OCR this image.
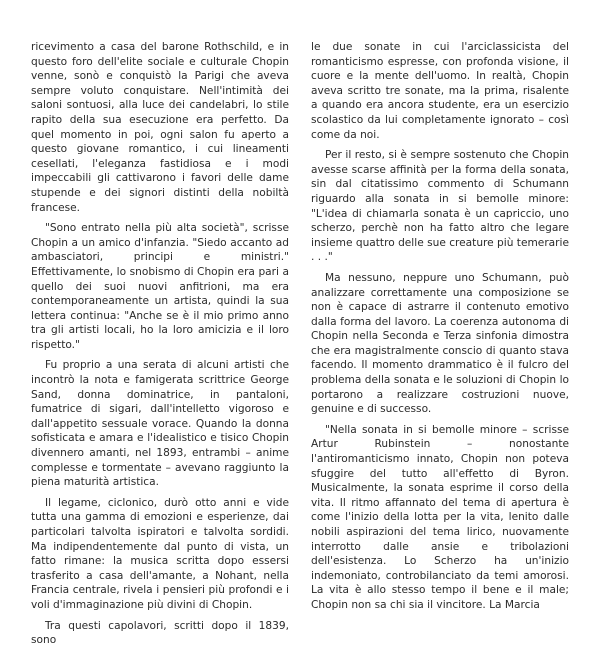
ricevimento a casa del barone Rothschild, e in questo foro dell'elite sociale e culturale Chopin venne, sonò e conquistò la Parigi che aveva sempre voluto conquistare. Nell'intimità dei saloni sontuosi, alla luce dei candelabri, lo stile rapito della sua esecuzione era perfetto. Da quel momento in poi, ogni salon fu aperto a questo giovane romantico, i cui lineamenti cesellati, l'eleganza fastidiosa e i modi impeccabili gli cattivarono i favori delle dame stupende e dei signori distinti della nobiltà francese.

"Sono entrato nella più alta società", scrisse Chopin a un amico d'infanzia. "Siedo accanto ad ambasciatori, principi e ministri." Effettivamente, lo snobismo di Chopin era pari a quello dei suoi nuovi anfitrioni, ma era contemporaneamente un artista, quindi la sua lettera continua: "Anche se è il mio primo anno tra gli artisti locali, ho la loro amicizia e il loro rispetto."

Fu proprio a una serata di alcuni artisti che incontrò la nota e famigerata scrittrice George Sand, donna dominatrice, in pantaloni, fumatrice di sigari, dall'intelletto vigoroso e dall'appetito sessuale vorace. Quando la donna sofisticata e amara e l'idealistico e tisico Chopin divennero amanti, nel 1893, entrambi – anime complesse e tormentate – avevano raggiunto la piena maturità artistica.

Il legame, ciclonico, durò otto anni e vide tutta una gamma di emozioni e esperienze, dai particolari talvolta ispiratori e talvolta sordidi. Ma indipendentemente dal punto di vista, un fatto rimane: la musica scritta dopo essersi trasferito a casa dell'amante, a Nohant, nella Francia centrale, rivela i pensieri più profondi e i voli d'immaginazione più divini di Chopin.

Tra questi capolavori, scritti dopo il 1839, sono

le due sonate in cui l'arciclassicista del romanticismo espresse, con profonda visione, il cuore e la mente dell'uomo. In realtà, Chopin aveva scritto tre sonate, ma la prima, risalente a quando era ancora studente, era un esercizio scolastico da lui completamente ignorato – così come da noi.

Per il resto, si è sempre sostenuto che Chopin avesse scarse affinità per la forma della sonata, sin dal citatissimo commento di Schumann riguardo alla sonata in si bemolle minore: "L'idea di chiamarla sonata è un capriccio, uno scherzo, perchè non ha fatto altro che legare insieme quattro delle sue creature più temerarie . . ."

Ma nessuno, neppure uno Schumann, può analizzare correttamente una composizione se non è capace di astrarre il contenuto emotivo dalla forma del lavoro. La coerenza autonoma di Chopin nella Seconda e Terza sinfonia dimostra che era magistralmente conscio di quanto stava facendo. Il momento drammatico è il fulcro del problema della sonata e le soluzioni di Chopin lo portarono a realizzare costruzioni nuove, genuine e di successo.

"Nella sonata in si bemolle minore – scrisse Artur Rubinstein – nonostante l'antiromanticismo innato, Chopin non poteva sfuggire del tutto all'effetto di Byron. Musicalmente, la sonata esprime il corso della vita. Il ritmo affannato del tema di apertura è come l'inizio della lotta per la vita, lenito dalle nobili aspirazioni del tema lirico, nuovamente interrotto dalle ansie e tribolazioni dell'esistenza. Lo Scherzo ha un'inizio indemoniato, controbilanciato da temi amorosi. La vita è allo stesso tempo il bene e il male; Chopin non sa chi sia il vincitore. La Marcia
